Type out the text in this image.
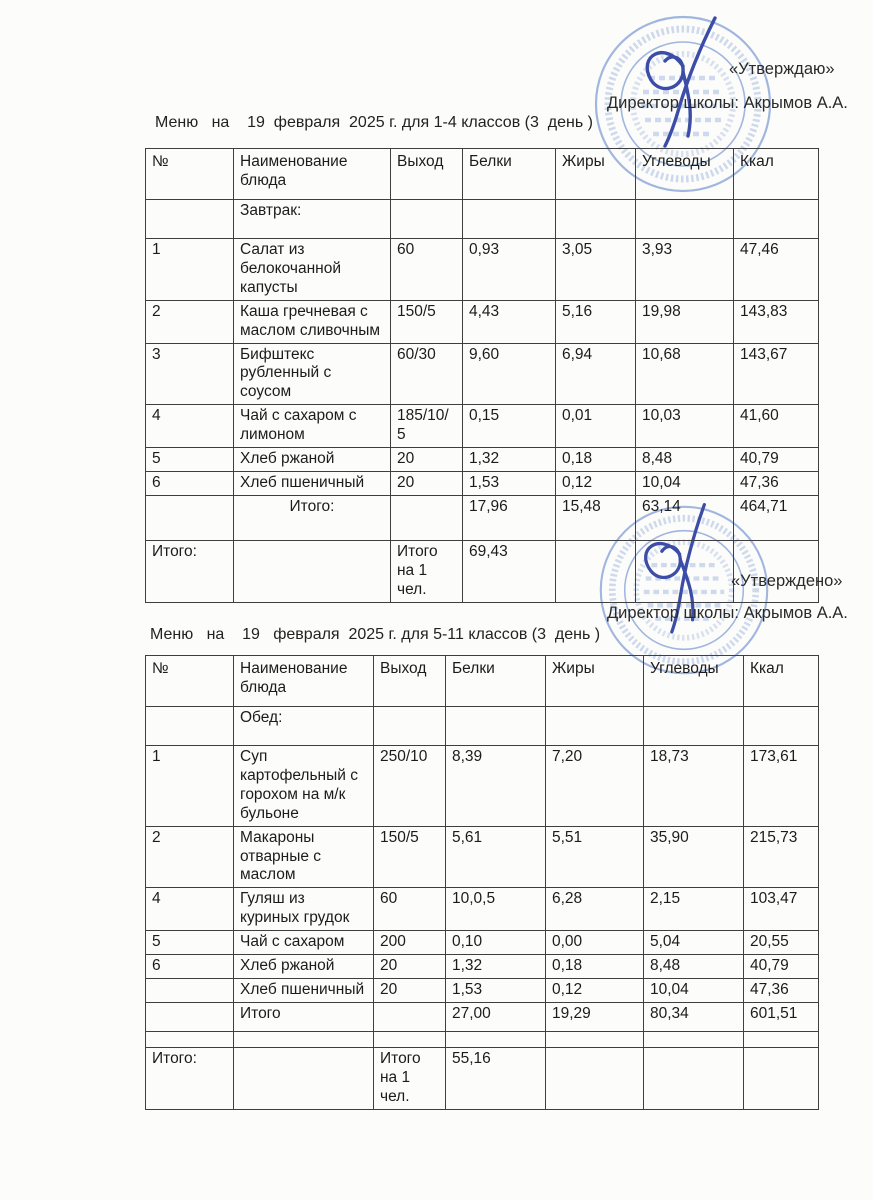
«Утверждаю»
Директор школы: Акрымов А.А.
Меню   на    19  февраля  2025 г. для 1-4 классов (3  день )
№	Наименование блюда	Выход	Белки	Жиры	Углеводы	Ккал
	Завтрак:					
1	Салат из белокочанной капусты	60	0,93	3,05	3,93	47,46
2	Каша гречневая с маслом сливочным	150/5	4,43	5,16	19,98	143,83
3	Бифштекс рубленный с соусом	60/30	9,60	6,94	10,68	143,67
4	Чай с сахаром с лимоном	185/10/5	0,15	0,01	10,03	41,60
5	Хлеб ржаной	20	1,32	0,18	8,48	40,79
6	Хлеб пшеничный	20	1,53	0,12	10,04	47,36
	Итого:		17,96	15,48	63,14	464,71
Итого:		Итого на 1 чел.	69,43			
«Утверждено»
Директор школы: Акрымов А.А.
Меню   на    19   февраля  2025 г. для 5-11 классов (3  день )
№	Наименование блюда	Выход	Белки	Жиры	Углеводы	Ккал
	Обед:					
1	Суп картофельный с горохом на м/к бульоне	250/10	8,39	7,20	18,73	173,61
2	Макароны отварные с маслом	150/5	5,61	5,51	35,90	215,73
4	Гуляш из куриных грудок	60	10,0,5	6,28	2,15	103,47
5	Чай с сахаром	200	0,10	0,00	5,04	20,55
6	Хлеб ржаной	20	1,32	0,18	8,48	40,79
	Хлеб пшеничный	20	1,53	0,12	10,04	47,36
	Итого		27,00	19,29	80,34	601,51

Итого:		Итого на 1 чел.	55,16			
